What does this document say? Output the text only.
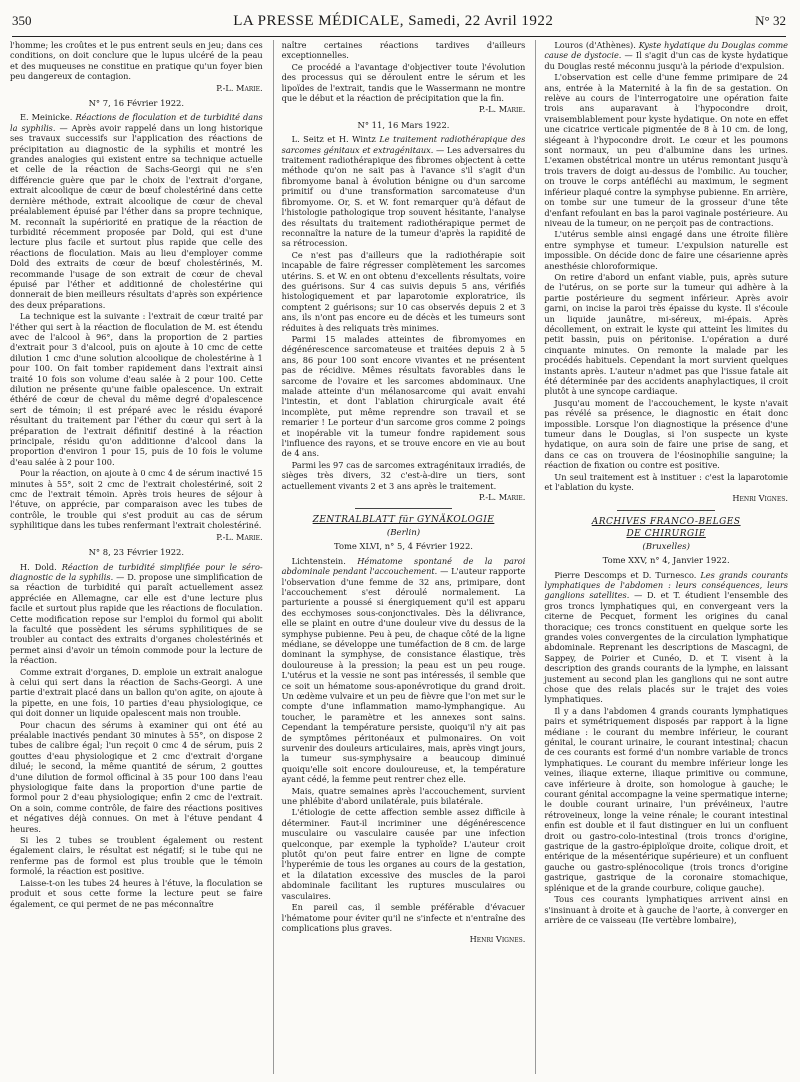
350	LA PRESSE MÉDICALE, Samedi, 22 Avril 1922	N° 32

l'homme; les croûtes et le pus entrent seuls en jeu; dans ces conditions, on doit conclure que le lupus ulcéré de la peau et des muqueuses ne constitue en pratique qu'un foyer bien peu dangereux de contagion.

P.-L. Marie.
N° 7, 16 Février 1922.

E. Meinicke. Réactions de floculation et de turbidité dans la syphilis. — Après avoir rappelé dans un long historique ses travaux successifs sur l'application des réactions de précipitation au diagnostic de la syphilis et montré les grandes analogies qui existent entre sa technique actuelle et celle de la réaction de Sachs-Georgi qui ne s'en différencie guère que par le choix de l'extrait d'organe, extrait alcoolique de cœur de bœuf cholestériné dans cette dernière méthode, extrait alcoolique de cœur de cheval préalablement épuisé par l'éther dans sa propre technique, M. reconnaît la supériorité en pratique de la réaction de turbidité récemment proposée par Dold, qui est d'une lecture plus facile et surtout plus rapide que celle des réactions de floculation. Mais au lieu d'employer comme Dold des extraits de cœur de bœuf cholestérinés, M. recommande l'usage de son extrait de cœur de cheval épuisé par l'éther et additionné de cholestérine qui donnerait de bien meilleurs résultats d'après son expérience des deux préparations.

La technique est la suivante : l'extrait de cœur traité par l'éther qui sert à la réaction de floculation de M. est étendu avec de l'alcool à 96°, dans la proportion de 2 parties d'extrait pour 3 d'alcool, puis on ajoute à 10 cmc de cette dilution 1 cmc d'une solution alcoolique de cholestérine à 1 pour 100. On fait tomber rapidement dans l'extrait ainsi traité 10 fois son volume d'eau salée à 2 pour 100. Cette dilution ne présente qu'une faible opalescence. Un extrait éthéré de cœur de cheval du même degré d'opalescence sert de témoin; il est préparé avec le résidu évaporé résultant du traitement par l'éther du cœur qui sert à la préparation de l'extrait définitif destiné à la réaction principale, résidu qu'on additionne d'alcool dans la proportion d'environ 1 pour 15, puis de 10 fois le volume d'eau salée à 2 pour 100.

Pour la réaction, on ajoute à 0 cmc 4 de sérum inactivé 15 minutes à 55°, soit 2 cmc de l'extrait cholestériné, soit 2 cmc de l'extrait témoin. Après trois heures de séjour à l'étuve, on apprécie, par comparaison avec les tubes de contrôle, le trouble qui s'est produit au cas de sérum syphilitique dans les tubes renfermant l'extrait cholestériné.

P.-L. Marie.
N° 8, 23 Février 1922.

H. Dold. Réaction de turbidité simplifiée pour le séro-diagnostic de la syphilis. — D. propose une simplification de sa réaction de turbidité qui paraît actuellement assez appréciée en Allemagne, car elle est d'une lecture plus facile et surtout plus rapide que les réactions de floculation. Cette modification repose sur l'emploi du formol qui abolit la faculté que possèdent les sérums syphilitiques de se troubler au contact des extraits d'organes cholestérinés et permet ainsi d'avoir un témoin commode pour la lecture de la réaction.

Comme extrait d'organes, D. emploie un extrait analogue à celui qui sert dans la réaction de Sachs-Georgi. A une partie d'extrait placé dans un ballon qu'on agite, on ajoute à la pipette, en une fois, 10 parties d'eau physiologique, ce qui doit donner un liquide opalescent mais non trouble.

Pour chacun des sérums à examiner qui ont été au préalable inactivés pendant 30 minutes à 55°, on dispose 2 tubes de calibre égal; l'un reçoit 0 cmc 4 de sérum, puis 2 gouttes d'eau physiologique et 2 cmc d'extrait d'organe dilué; le second, la même quantité de sérum, 2 gouttes d'une dilution de formol officinal à 35 pour 100 dans l'eau physiologique faite dans la proportion d'une partie de formol pour 2 d'eau physiologique; enfin 2 cmc de l'extrait. On a soin, comme contrôle, de faire des réactions positives et négatives déjà connues. On met à l'étuve pendant 4 heures.

Si les 2 tubes se troublent également ou restent également clairs, le résultat est négatif; si le tube qui ne renferme pas de formol est plus trouble que le témoin formolé, la réaction est positive.

Laisse-t-on les tubes 24 heures à l'étuve, la floculation se produit et sous cette forme la lecture peut se faire également, ce qui permet de ne pas méconnaître

naître certaines réactions tardives d'ailleurs exceptionnelles.

Ce procédé a l'avantage d'objectiver toute l'évolution des processus qui se déroulent entre le sérum et les lipoïdes de l'extrait, tandis que le Wassermann ne montre que le début et la réaction de précipitation que la fin.

P.-L. Marie.
N° 11, 16 Mars 1922.

L. Seitz et H. Wintz Le traitement radiothérapique des sarcomes génitaux et extragénitaux. — Les adversaires du traitement radiothérapique des fibromes objectent à cette méthode qu'on ne sait pas à l'avance s'il s'agit d'un fibromyome banal à évolution bénigne ou d'un sarcome primitif ou d'une transformation sarcomateuse d'un fibromyome. Or, S. et W. font remarquer qu'à défaut de l'histologie pathologique trop souvent hésitante, l'analyse des résultats du traitement radiothérapique permet de reconnaître la nature de la tumeur d'après la rapidité de sa rétrocession.

Ce n'est pas d'ailleurs que la radiothérapie soit incapable de faire régresser complètement les sarcomes utérins. S. et W. en ont obtenu d'excellents résultats, voire des guérisons. Sur 4 cas suivis depuis 5 ans, vérifiés histologiquement et par laparotomie exploratrice, ils comptent 2 guérisons; sur 10 cas observés depuis 2 et 3 ans, ils n'ont pas encore eu de décès et les tumeurs sont réduites à des reliquats très minimes.

Parmi 15 malades atteintes de fibromyomes en dégénérescence sarcomateuse et traitées depuis 2 à 5 ans, 86 pour 100 sont encore vivantes et ne présentent pas de récidive. Mêmes résultats favorables dans le sarcome de l'ovaire et les sarcomes abdominaux. Une malade atteinte d'un mélanosarcome qui avait envahi l'intestin, et dont l'ablation chirurgicale avait été incomplète, put même reprendre son travail et se remarier ! Le porteur d'un sarcome gros comme 2 poings et inopérable vit la tumeur fondre rapidement sous l'influence des rayons, et se trouve encore en vie au bout de 4 ans.

Parmi les 97 cas de sarcomes extragénitaux irradiés, de sièges très divers, 32 c'est-à-dire un tiers, sont actuellement vivants 2 et 3 ans après le traitement.

P.-L. Marie.
ZENTRALBLATT für GYNÄKOLOGIE
(Berlin)
Tome XLVI, n° 5, 4 Février 1922.

Lichtenstein. Hématome spontané de la paroi abdominale pendant l'accouchement. — L'auteur rapporte l'observation d'une femme de 32 ans, primipare, dont l'accouchement s'est déroulé normalement. La parturiente a poussé si énergiquement qu'il est apparu des ecchymoses sous-conjonctivales. Dès la délivrance, elle se plaint en outre d'une douleur vive du dessus de la symphyse pubienne. Peu à peu, de chaque côté de la ligne médiane, se développe une tuméfaction de 8 cm. de large dominant la symphyse, de consistance élastique, très douloureuse à la pression; la peau est un peu rouge. L'utérus et la vessie ne sont pas intéressés, il semble que ce soit un hématome sous-aponévrotique du grand droit. Un œdème vulvaire et un peu de fièvre que l'on met sur le compte d'une inflammation mamo-lymphangique. Au toucher, le paramètre et les annexes sont sains. Cependant la température persiste, quoiqu'il n'y ait pas de symptômes péritonéaux et pulmonaires. On voit survenir des douleurs articulaires, mais, après vingt jours, la tumeur sus-symphysaire a beaucoup diminué quoiqu'elle soit encore douloureuse, et, la température ayant cédé, la femme peut rentrer chez elle.

Mais, quatre semaines après l'accouchement, survient une phlébite d'abord unilatérale, puis bilatérale.

L'étiologie de cette affection semble assez difficile à déterminer. Faut-il incriminer une dégénérescence musculaire ou vasculaire causée par une infection quelconque, par exemple la typhoïde? L'auteur croit plutôt qu'on peut faire entrer en ligne de compte l'hyperémie de tous les organes au cours de la gestation, et la dilatation excessive des muscles de la paroi abdominale facilitant les ruptures musculaires ou vasculaires.

En pareil cas, il semble préférable d'évacuer l'hématome pour éviter qu'il ne s'infecte et n'entraîne des complications plus graves.

Henri Vignes.

Louros (d'Athènes). Kyste hydatique du Douglas comme cause de dystocie. — Il s'agit d'un cas de kyste hydatique du Douglas resté méconnu jusqu'à la période d'expulsion.

L'observation est celle d'une femme primipare de 24 ans, entrée à la Maternité à la fin de sa gestation. On relève au cours de l'interrogatoire une opération faite trois ans auparavant à l'hypocondre droit, vraisemblablement pour kyste hydatique. On note en effet une cicatrice verticale pigmentée de 8 à 10 cm. de long, siégeant à l'hypocondre droit. Le cœur et les poumons sont normaux, un peu d'albumine dans les urines. L'examen obstétrical montre un utérus remontant jusqu'à trois travers de doigt au-dessus de l'ombilic. Au toucher, on trouve le corps antéfléchi au maximum, le segment inférieur plaqué contre la symphyse pubienne. En arrière, on tombe sur une tumeur de la grosseur d'une tête d'enfant refoulant en bas la paroi vaginale postérieure. Au niveau de la tumeur, on ne perçoit pas de contractions.

L'utérus semble ainsi engagé dans une étroite filière entre symphyse et tumeur. L'expulsion naturelle est impossible. On décide donc de faire une césarienne après anesthésie chloroformique.

On retire d'abord un enfant viable, puis, après suture de l'utérus, on se porte sur la tumeur qui adhère à la partie postérieure du segment inférieur. Après avoir garni, on incise la paroi très épaisse du kyste. Il s'écoule un liquide jaunâtre, mi-séreux, mi-épais. Après décollement, on extrait le kyste qui atteint les limites du petit bassin, puis on péritonise. L'opération a duré cinquante minutes. On remonte la malade par les procédés habituels. Cependant la mort survient quelques instants après. L'auteur n'admet pas que l'issue fatale ait été déterminée par des accidents anaphylactiques, il croit plutôt à une syncope cardiaque.

Jusqu'au moment de l'accouchement, le kyste n'avait pas révélé sa présence, le diagnostic en était donc impossible. Lorsque l'on diagnostique la présence d'une tumeur dans le Douglas, si l'on suspecte un kyste hydatique, on aura soin de faire une prise de sang, et dans ce cas on trouvera de l'éosinophilie sanguine; la réaction de fixation ou contre est positive.

Un seul traitement est à instituer : c'est la laparotomie et l'ablation du kyste.

Henri Vignes.
ARCHIVES FRANCO-BELGES
DE CHIRURGIE
(Bruxelles)
Tome XXV, n° 4, Janvier 1922.

Pierre Descomps et D. Turnesco. Les grands courants lymphatiques de l'abdomen : leurs conséquences, leurs ganglions satellites. — D. et T. étudient l'ensemble des gros troncs lymphatiques qui, en convergeant vers la citerne de Pecquet, forment les origines du canal thoracique; ces troncs constituent en quelque sorte les grandes voies convergentes de la circulation lymphatique abdominale. Reprenant les descriptions de Mascagni, de Sappey, de Poirier et Cunéo, D. et T. visent à la description des grands courants de la lymphe, en laissant justement au second plan les ganglions qui ne sont autre chose que des relais placés sur le trajet des voies lymphatiques.

Il y a dans l'abdomen 4 grands courants lymphatiques pairs et symétriquement disposés par rapport à la ligne médiane : le courant du membre inférieur, le courant génital, le courant urinaire, le courant intestinal; chacun de ces courants est formé d'un nombre variable de troncs lymphatiques. Le courant du membre inférieur longe les veines, iliaque externe, iliaque primitive ou commune, cave inférieure à droite, son homologue à gauche; le courant génital accompagne la veine spermatique interne; le double courant urinaire, l'un prévéineux, l'autre rétroveineux, longe la veine rénale; le courant intestinal enfin est double et il faut distinguer en lui un confluent droit ou gastro-colo-intestinal (trois troncs d'origine, gastrique de la gastro-épiploïque droite, colique droit, et entérique de la mésentérique supérieure) et un confluent gauche ou gastro-splénocolique (trois troncs d'origine gastrique, gastrique de la coronaire stomachique, splénique et de la grande courbure, colique gauche).

Tous ces courants lymphatiques arrivent ainsi en s'insinuant à droite et à gauche de l'aorte, à converger en arrière de ce vaisseau (IIe vertèbre lombaire),
